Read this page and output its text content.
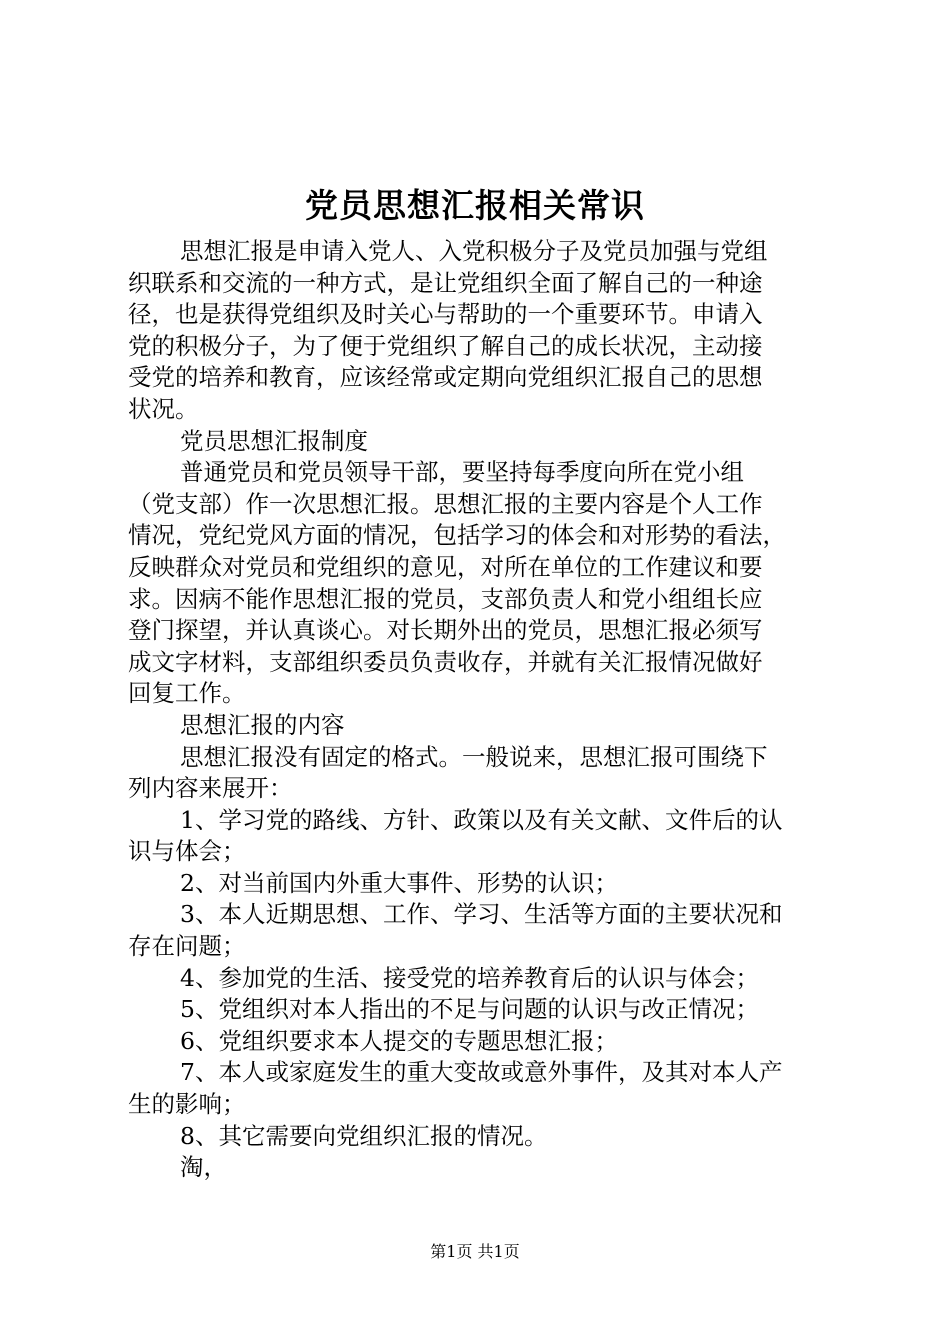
党员思想汇报相关常识
思想汇报是申请入党人、入党积极分子及党员加强与党组
织联系和交流的一种方式，是让党组织全面了解自己的一种途
径，也是获得党组织及时关心与帮助的一个重要环节。申请入
党的积极分子，为了便于党组织了解自己的成长状况，主动接
受党的培养和教育，应该经常或定期向党组织汇报自己的思想
状况。
党员思想汇报制度
普通党员和党员领导干部，要坚持每季度向所在党小组
（党支部）作一次思想汇报。思想汇报的主要内容是个人工作
情况，党纪党风方面的情况，包括学习的体会和对形势的看法，
反映群众对党员和党组织的意见，对所在单位的工作建议和要
求。因病不能作思想汇报的党员，支部负责人和党小组组长应
登门探望，并认真谈心。对长期外出的党员，思想汇报必须写
成文字材料，支部组织委员负责收存，并就有关汇报情况做好
回复工作。
思想汇报的内容
思想汇报没有固定的格式。一般说来，思想汇报可围绕下
列内容来展开：
1、学习党的路线、方针、政策以及有关文献、文件后的认
识与体会；
2、对当前国内外重大事件、形势的认识；
3、本人近期思想、工作、学习、生活等方面的主要状况和
存在问题；
4、参加党的生活、接受党的培养教育后的认识与体会；
5、党组织对本人指出的不足与问题的认识与改正情况；
6、党组织要求本人提交的专题思想汇报；
7、本人或家庭发生的重大变故或意外事件，及其对本人产
生的影响；
8、其它需要向党组织汇报的情况。
淘，
第1页 共1页
